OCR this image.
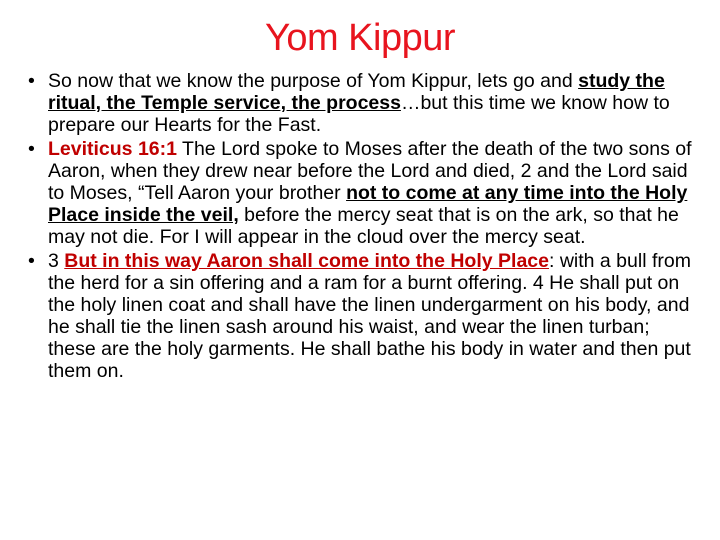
Yom Kippur
• So now that we know the purpose of Yom Kippur, lets go and study the ritual, the Temple service, the process…but this time we know how to prepare our Hearts for the Fast.
• Leviticus 16:1 The Lord spoke to Moses after the death of the two sons of Aaron, when they drew near before the Lord and died, 2 and the Lord said to Moses, “Tell Aaron your brother not to come at any time into the Holy Place inside the veil, before the mercy seat that is on the ark, so that he may not die. For I will appear in the cloud over the mercy seat.
• 3 But in this way Aaron shall come into the Holy Place: with a bull from the herd for a sin offering and a ram for a burnt offering. 4 He shall put on the holy linen coat and shall have the linen undergarment on his body, and he shall tie the linen sash around his waist, and wear the linen turban; these are the holy garments. He shall bathe his body in water and then put them on.
